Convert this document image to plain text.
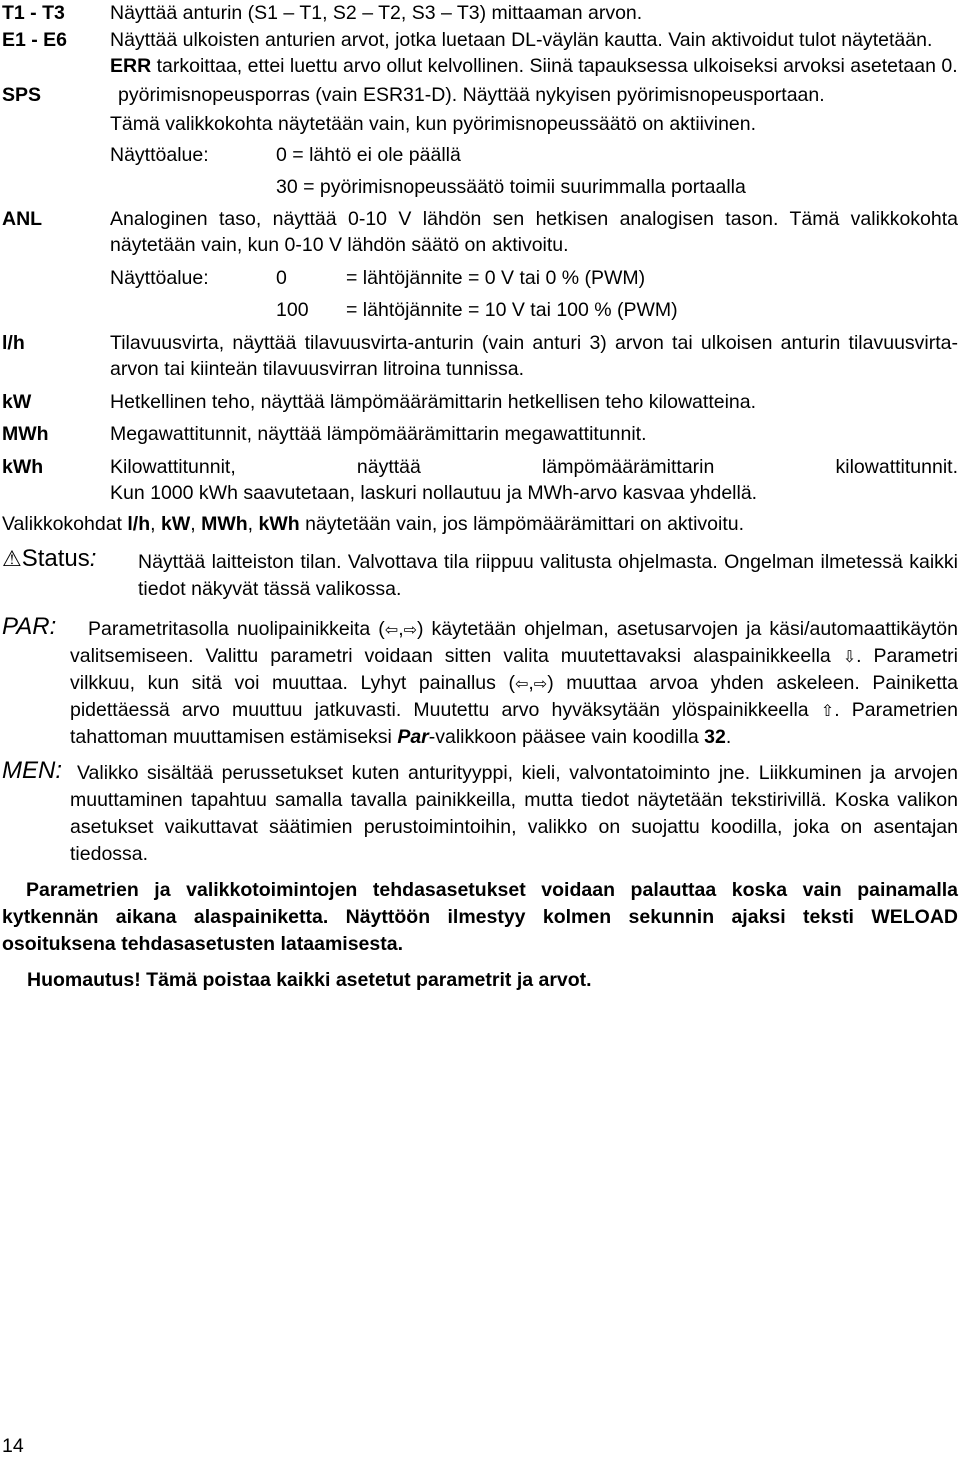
T1 - T3 Näyttää anturin (S1 – T1, S2 – T2, S3 – T3) mittaaman arvon.
E1 - E6 Näyttää ulkoisten anturien arvot, jotka luetaan DL-väylän kautta. Vain aktivoidut tulot näytetään.
ERR tarkoittaa, ettei luettu arvo ollut kelvollinen. Siinä tapauksessa ulkoiseksi arvoksi asetetaan 0.
SPS	pyörimisnopeusporras (vain ESR31-D). Näyttää nykyisen pyörimisnopeusportaan.
Tämä valikkokohta näytetään vain, kun pyörimisnopeussäätö on aktiivinen.
Näyttöalue:	0 = lähtö ei ole päällä
30 = pyörimisnopeussäätö toimii suurimmalla portaalla
ANL	Analoginen taso, näyttää 0-10 V lähdön sen hetkisen analogisen tason. Tämä valikkokohta näytetään vain, kun 0-10 V lähdön säätö on aktivoitu.
Näyttöalue:	0	= lähtöjännite = 0 V tai 0 % (PWM)
100	= lähtöjännite = 10 V tai 100 % (PWM)
l/h	Tilavuusvirta, näyttää tilavuusvirta-anturin (vain anturi 3) arvon tai ulkoisen anturin tilavuusvirta-arvon tai kiinteän tilavuusvirran litroina tunnissa.
kW	Hetkellinen teho, näyttää lämpömäärämittarin hetkellisen teho kilowatteina.
MWh	Megawattitunnit, näyttää lämpömäärämittarin megawattitunnit.
kWh	Kilowattitunnit, näyttää lämpömäärämittarin kilowattitunnit.
Kun 1000 kWh saavutetaan, laskuri nollautuu ja MWh-arvo kasvaa yhdellä.
Valikkokohdat l/h, kW, MWh, kWh näytetään vain, jos lämpömäärämittari on aktivoitu.
⚠Status: Näyttää laitteiston tilan. Valvottava tila riippuu valitusta ohjelmasta. Ongelman ilmetessä kaikki tiedot näkyvät tässä valikossa.
PAR:	Parametritasolla nuolipainikkeita (⇦,⇨) käytetään ohjelman, asetusarvojen ja käsi/automaattikäytön valitsemiseen. Valittu parametri voidaan sitten valita muutettavaksi alaspainikkeella ⇩. Parametri vilkkuu, kun sitä voi muuttaa. Lyhyt painallus (⇦,⇨) muuttaa arvoa yhden askeleen. Painiketta pidettäessä arvo muuttuu jatkuvasti. Muutettu arvo hyväksytään ylöspainikkeella ⇧. Parametrien tahattoman muuttamisen estämiseksi Par-valikkoon pääsee vain koodilla 32.
MEN: Valikko sisältää perussetukset kuten anturityyppi, kieli, valvontatoiminto jne. Liikkuminen ja arvojen muuttaminen tapahtuu samalla tavalla painikkeilla, mutta tiedot näytetään tekstirivillä. Koska valikon asetukset vaikuttavat säätimien perustoimintoihin, valikko on suojattu koodilla, joka on asentajan tiedossa.
Parametrien ja valikkotoimintojen tehdasasetukset voidaan palauttaa koska vain painamalla kytkennän aikana alaspainiketta. Näyttöön ilmestyy kolmen sekunnin ajaksi teksti WELOAD osoituksena tehdasasetusten lataamisesta.
Huomautus! Tämä poistaa kaikki asetetut parametrit ja arvot.
14
